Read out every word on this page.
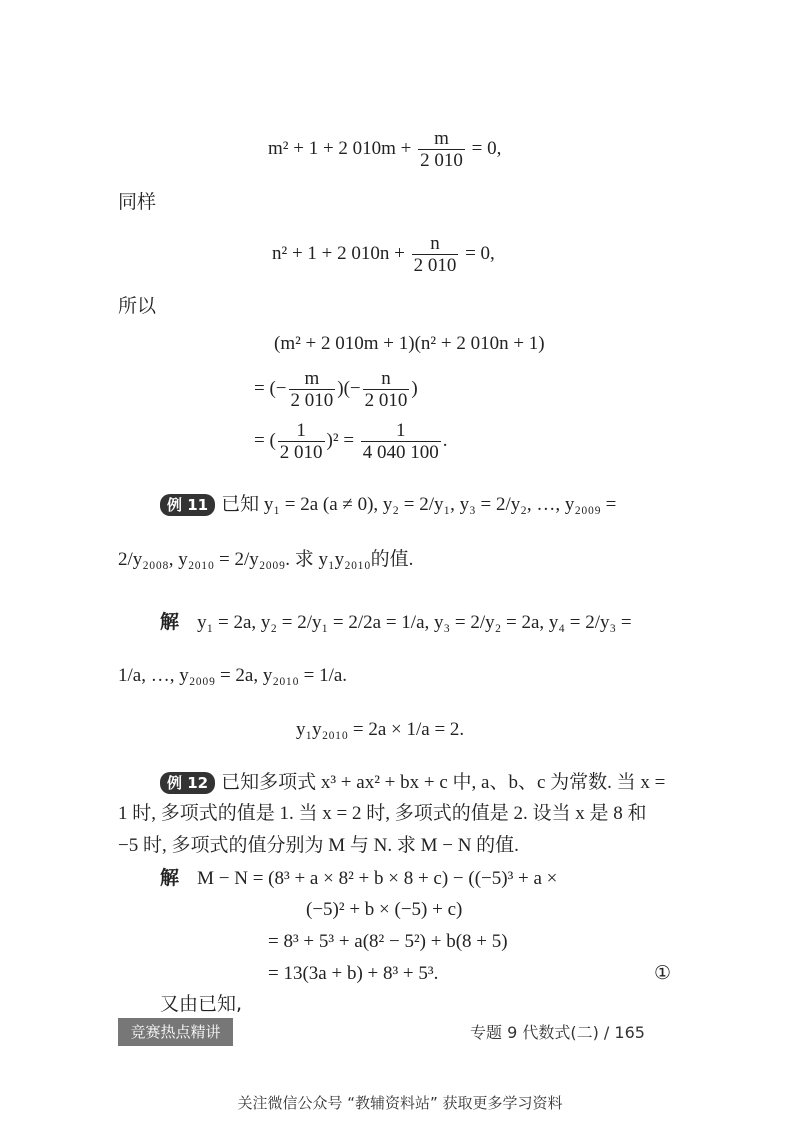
m² + 1 + 2 $010m + \frac{m}{2 010} = 0$,
同样
n² + 1 + 2 $010n + \frac{n}{2 010} = 0$,
所以
(m² + 2 010m + 1)(n² + 2 010n + 1)
= (− $\frac{m}{2 010}$ )(− $\frac{n}{2 010}$ )
= ( $\frac{1}{2 010} )^2 = \frac{1}{4 040 100}$ .
例 11 已知 y₁ = 2a (a ≠ 0), y₂ = 2/y₁, y₃ = 2/y₂, …, y₂₀₀₉ =
2/y₂₀₀₈, y₂₀₁₀ = 2/y₂₀₀₉. 求 y₁y₂₀₁₀的值.
解 y₁ = 2a, y₂ = 2/y₁ = 2/2a = 1/a, y₃ = 2/y₂ = 2a, y₄ = 2/y₃ =
1/a, …, y₂₀₀₉ = 2a, y₂₀₁₀ = 1/a.
y₁y₂₀₁₀ = 2a × 1/a = 2.
例 12 已知多项式 x³ + ax² + bx + c 中, a、b、c 为常数. 当 x =
1 时, 多项式的值是 1. 当 x = 2 时, 多项式的值是 2. 设当 x 是 8 和
−5 时, 多项式的值分别为 M 与 N. 求 M − N 的值.
解 M − N = (8³ + a × 8² + b × 8 + c) − ((−5)³ + a ×
(−5)² + b × (−5) + c)
= 8³ + 5³ + a(8² − 5²) + b(8 + 5)
= 13(3a + b) + 8³ + 5³.	①
又由已知,
竞赛热点精讲	专题 9 代数式(二) / 165
关注微信公众号 “教辅资料站” 获取更多学习资料
